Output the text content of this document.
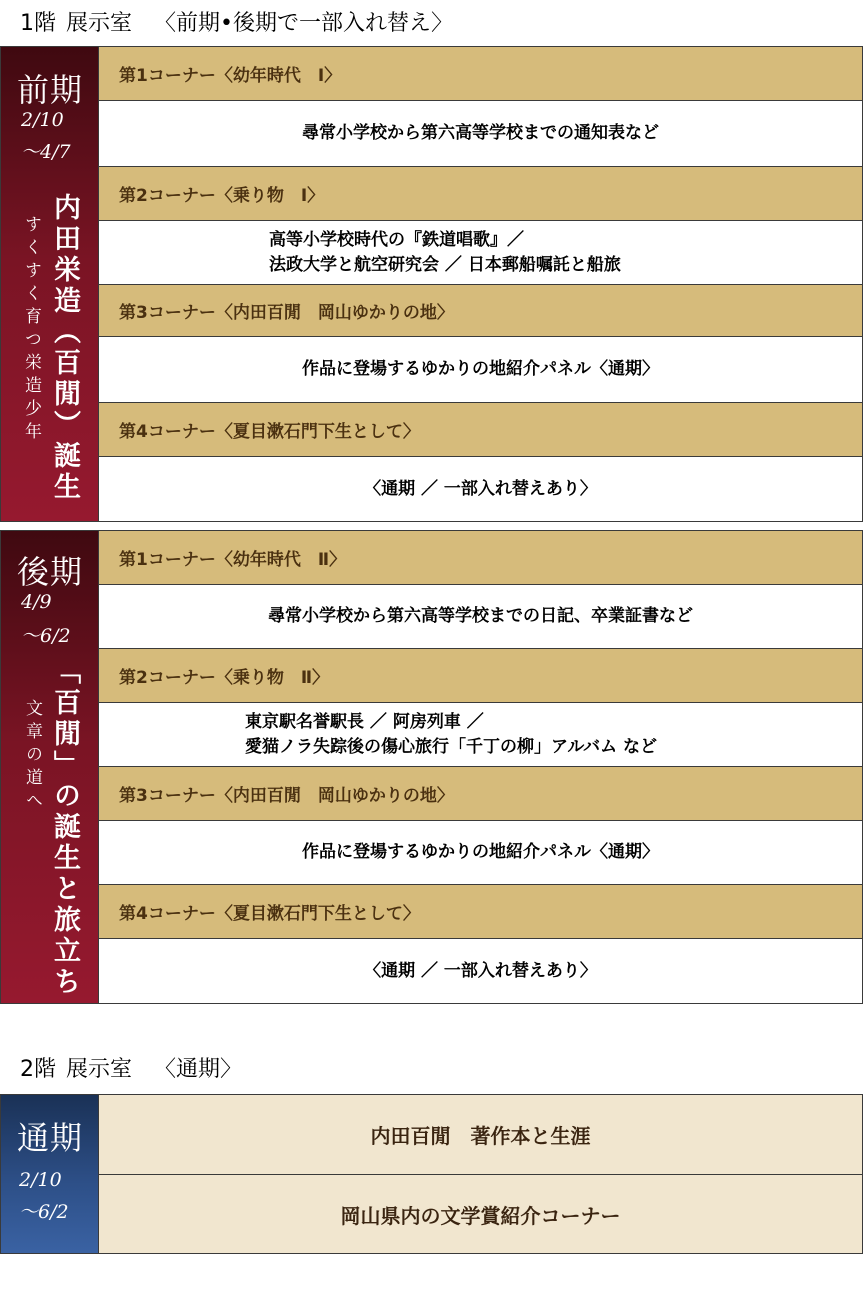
1階 展示室 〈前期•後期で一部入れ替え〉
前期
2/10
～4/7
内田栄造（百閒）誕生
すくすく育つ栄造少年
第1コーナー〈幼年時代　Ⅰ〉
尋常小学校から第六高等学校までの通知表など
第2コーナー〈乗り物　Ⅰ〉
高等小学校時代の『鉄道唱歌』／
法政大学と航空研究会 ／ 日本郵船嘱託と船旅
第3コーナー〈内田百閒　岡山ゆかりの地〉
作品に登場するゆかりの地紹介パネル〈通期〉
第4コーナー〈夏目漱石門下生として〉
〈通期 ／ 一部入れ替えあり〉
後期
4/9
～6/2
「百閒」の誕生と旅立ち
文章の道へ
第1コーナー〈幼年時代　Ⅱ〉
尋常小学校から第六高等学校までの日記、卒業証書など
第2コーナー〈乗り物　Ⅱ〉
東京駅名誉駅長 ／ 阿房列車 ／
愛猫ノラ失踪後の傷心旅行「千丁の柳」アルバム など
第3コーナー〈内田百閒　岡山ゆかりの地〉
作品に登場するゆかりの地紹介パネル〈通期〉
第4コーナー〈夏目漱石門下生として〉
〈通期 ／ 一部入れ替えあり〉
2階 展示室 〈通期〉
通期
2/10
～6/2
内田百閒　著作本と生涯
岡山県内の文学賞紹介コーナー
